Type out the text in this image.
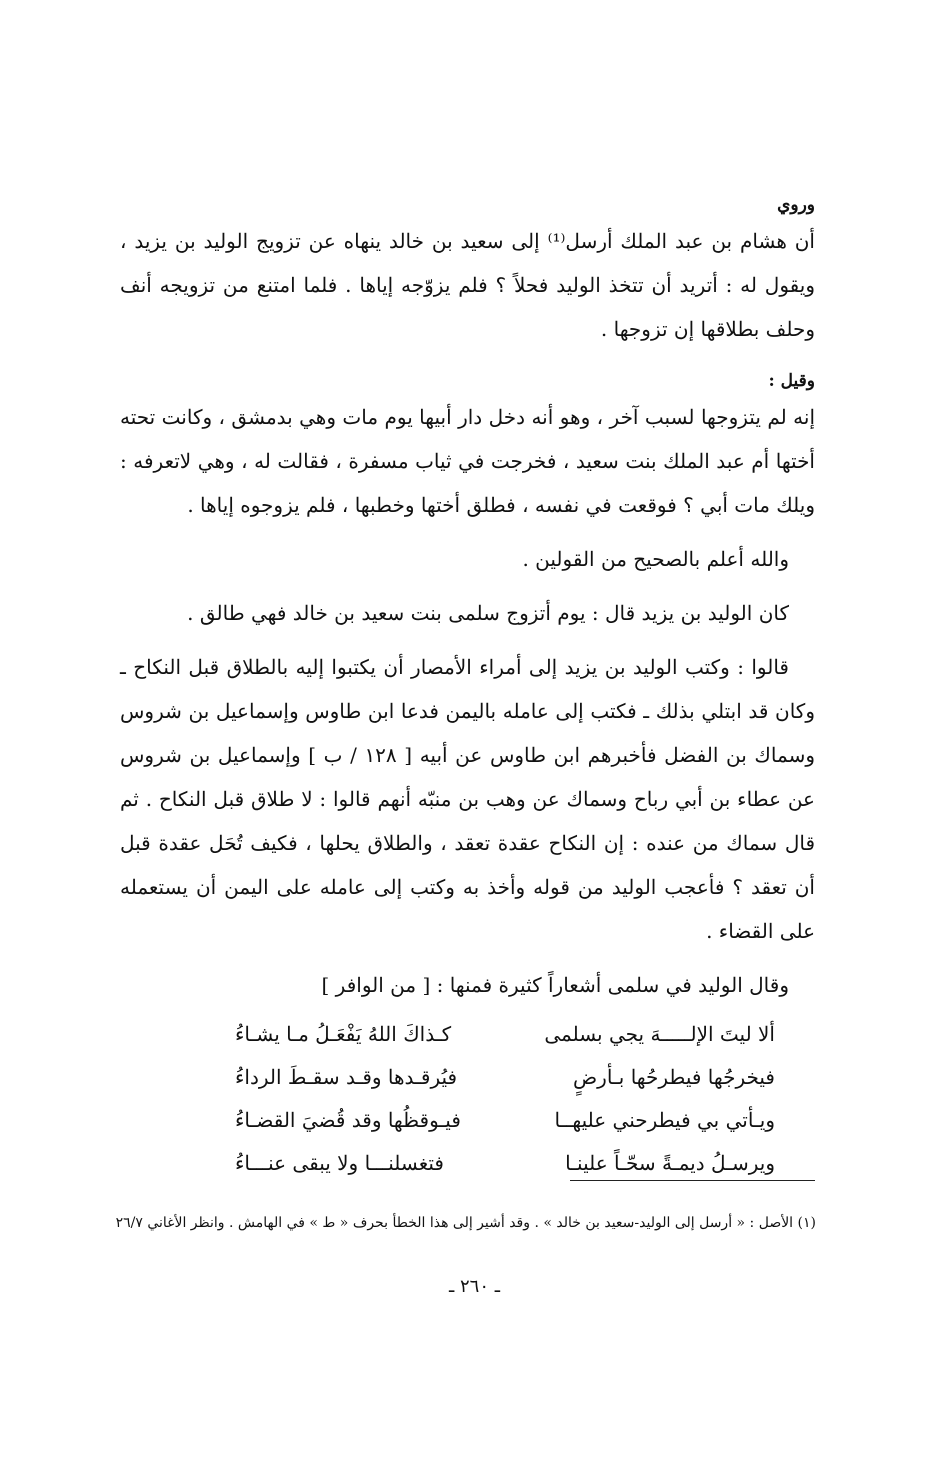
وروي

أن هشام بن عبد الملك أرسل⁽¹⁾ إلى سعيد بن خالد ينهاه عن تزويج الوليد بن يزيد ، ويقول له : أتريد أن تتخذ الوليد فحلاً ؟ فلم يزوّجه إياها . فلما امتنع من تزويجه أنف وحلف بطلاقها إن تزوجها .

وقيل :

إنه لم يتزوجها لسبب آخر ، وهو أنه دخل دار أبيها يوم مات وهي بدمشق ، وكانت تحته أختها أم عبد الملك بنت سعيد ، فخرجت في ثياب مسفرة ، فقالت له ، وهي لاتعرفه : ويلك مات أبي ؟ فوقعت في نفسه ، فطلق أختها وخطبها ، فلم يزوجوه إياها .

والله أعلم بالصحيح من القولين .

كان الوليد بن يزيد قال : يوم أتزوج سلمى بنت سعيد بن خالد فهي طالق .

قالوا : وكتب الوليد بن يزيد إلى أمراء الأمصار أن يكتبوا إليه بالطلاق قبل النكاح ـ وكان قد ابتلي بذلك ـ فكتب إلى عامله باليمن فدعا ابن طاوس وإسماعيل بن شروس وسماك بن الفضل فأخبرهم ابن طاوس عن أبيه [ ١٢٨ / ب ] وإسماعيل بن شروس عن عطاء بن أبي رباح وسماك عن وهب بن منبّه أنهم قالوا : لا طلاق قبل النكاح . ثم قال سماك من عنده : إن النكاح عقدة تعقد ، والطلاق يحلها ، فكيف تُحَل عقدة قبل أن تعقد ؟ فأعجب الوليد من قوله وأخذ به وكتب إلى عامله على اليمن أن يستعمله على القضاء .

وقال الوليد في سلمى أشعاراً كثيرة فمنها : [ من الوافر ]

ألا ليتَ الإلـــــهَ يجي بسلمى
كـذاكَ اللهُ يَفْعَـلُ مـا يشـاءُ
فيخرجُها فيطرحُها بـأرضٍ
فيُرقـدها وقـد سقـطَ الرداءُ
ويـأتي بي فيطرحني عليهــا
فيـوقظُها وقد قُضيَ القضـاءُ
ويرسـلُ ديمـةً سحّـاً علينـا
فتغسلنـــا ولا يبقى عنـــاءُ

(١) الأصل : « أرسل إلى الوليد-سعيد بن خالد » . وقد أشير إلى هذا الخطأ بحرف « ط » في الهامش . وانظر الأغاني ٢٦/٧

ـ ٢٦٠ ـ
